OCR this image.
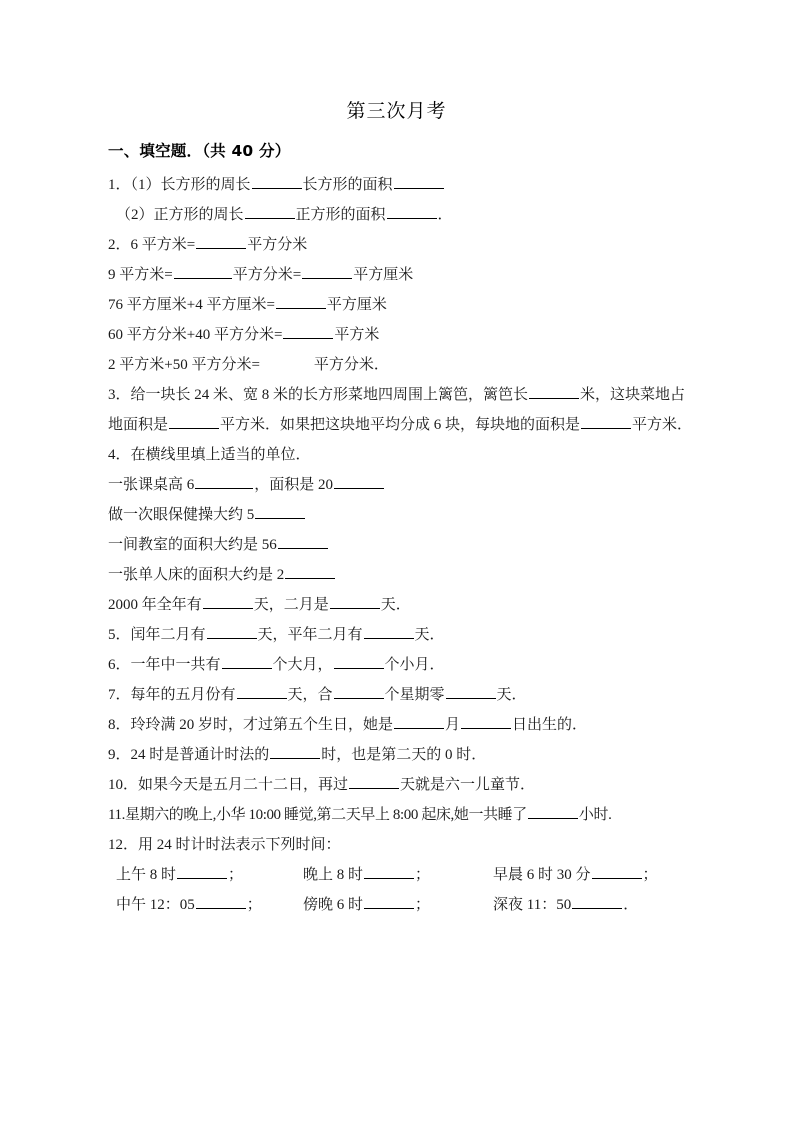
第三次月考
一、填空题．（共 40 分）
1．（1）长方形的周长	长方形的面积
（2）正方形的周长	正方形的面积	．
2．6 平方米=	平方分米
9 平方米=	平方分米=	平方厘米
76 平方厘米+4 平方厘米=	平方厘米
60 平方分米+40 平方分米=	平方米
2 平方米+50 平方分米=	平方分米．
3．给一块长 24 米、宽 8 米的长方形菜地四周围上篱笆，篱笆长	米，这块菜地占地面积是	平方米．如果把这块地平均分成 6 块，每块地的面积是	平方米．
4．在横线里填上适当的单位．
一张课桌高 6	，面积是 20
做一次眼保健操大约 5
一间教室的面积大约是 56
一张单人床的面积大约是 2
2000 年全年有	天，二月是	天．
5．闰年二月有	天，平年二月有	天．
6．一年中一共有	个大月，	个小月．
7．每年的五月份有	天，合	个星期零	天．
8．玲玲满 20 岁时，才过第五个生日，她是	月	日出生的．
9．24 时是普通计时法的	时，也是第二天的 0 时．
10．如果今天是五月二十二日，再过	天就是六一儿童节．
11.星期六的晚上,小华 10:00 睡觉,第二天早上 8:00 起床,她一共睡了	小时.
12．用 24 时计时法表示下列时间：
上午 8 时	；	晚上 8 时	；	早晨 6 时 30 分	；
中午 12：05	；	傍晚 6 时	；	深夜 11：50	．
